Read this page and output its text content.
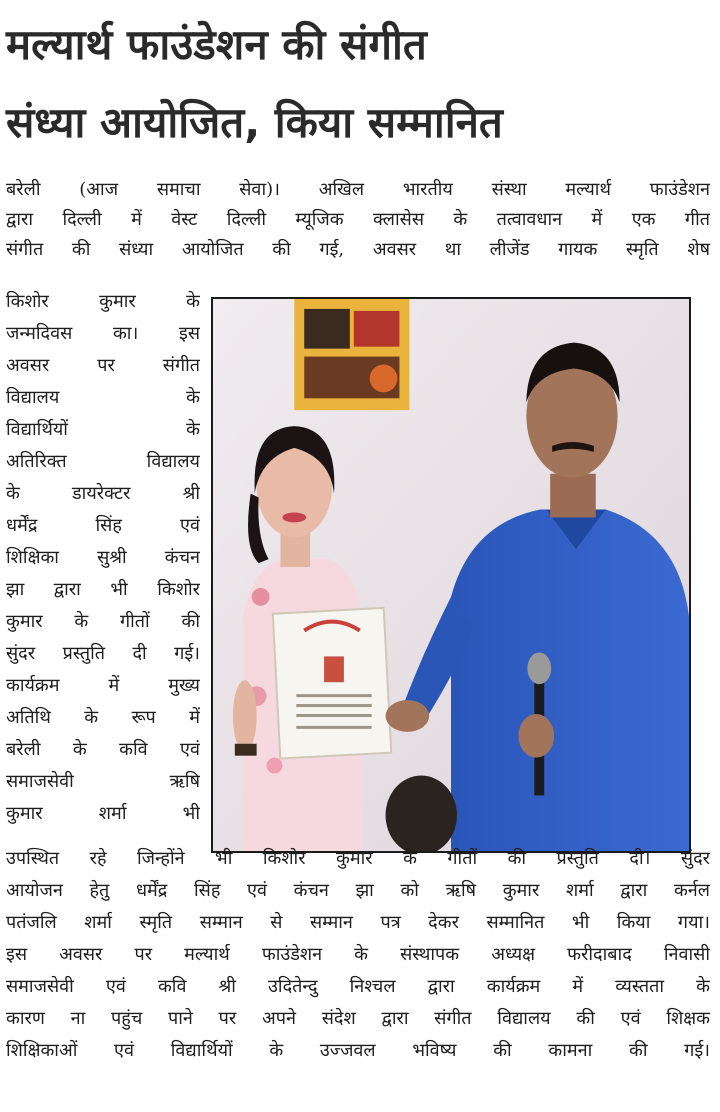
मल्यार्थ फाउंडेशन की संगीत
संध्या आयोजित, किया सम्मानित
बरेली (आज समाचा सेवा)। अखिल भारतीय संस्था मल्यार्थ फाउंडेशन
द्वारा दिल्ली में वेस्ट दिल्ली म्यूजिक क्लासेस के तत्वावधान में एक गीत
संगीत की संध्या आयोजित की गई, अवसर था लीजेंड गायक स्मृति शेष
किशोर कुमार के
जन्मदिवस का। इस
अवसर पर संगीत
विद्यालय के
विद्यार्थियों के
अतिरिक्त विद्यालय
के डायरेक्टर श्री
धर्मेंद्र सिंह एवं
शिक्षिका सुश्री कंचन
झा द्वारा भी किशोर
कुमार के गीतों की
सुंदर प्रस्तुति दी गई।
कार्यक्रम में मुख्य
अतिथि के रूप में
बरेली के कवि एवं
समाजसेवी ऋषि
कुमार शर्मा भी
उपस्थित रहे जिन्होंने भी किशोर कुमार के गीतों की प्रस्तुति दी। सुंदर
आयोजन हेतु धर्मेंद्र सिंह एवं कंचन झा को ऋषि कुमार शर्मा द्वारा कर्नल
पतंजलि शर्मा स्मृति सम्मान से सम्मान पत्र देकर सम्मानित भी किया गया।
इस अवसर पर मल्यार्थ फाउंडेशन के संस्थापक अध्यक्ष फरीदाबाद निवासी
समाजसेवी एवं कवि श्री उदितेन्दु निश्चल द्वारा कार्यक्रम में व्यस्तता के
कारण ना पहुंच पाने पर अपने संदेश द्वारा संगीत विद्यालय की एवं शिक्षक
शिक्षिकाओं एवं विद्यार्थियों के उज्जवल भविष्य की कामना की गई।
